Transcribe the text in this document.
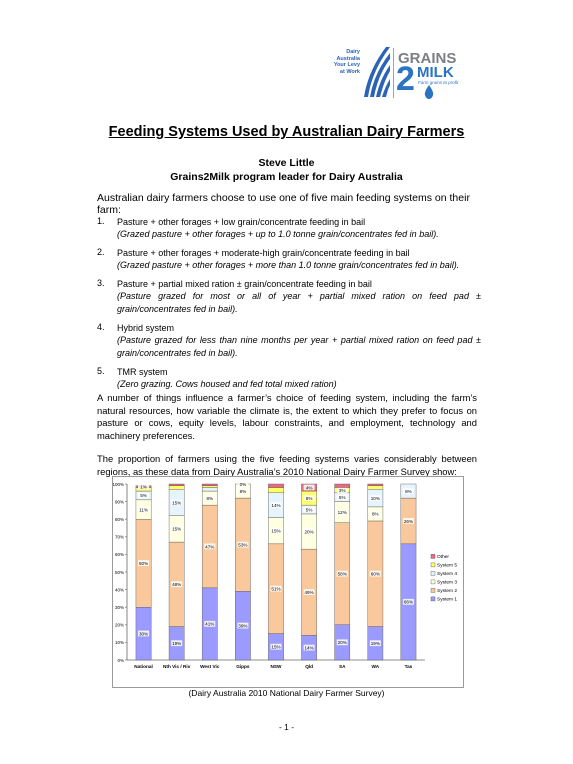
Dairy
Australia
Your Levy
at Work
GRAINS
2 MILK
Farm grains to profit
Feeding Systems Used by Australian Dairy Farmers
Steve Little
Grains2Milk program leader for Dairy Australia
Australian dairy farmers choose to use one of five main feeding systems on their farm:
1. Pasture + other forages + low grain/concentrate feeding in bail
(Grazed pasture + other forages + up to 1.0 tonne grain/concentrates fed in bail).
2. Pasture + other forages + moderate-high grain/concentrate feeding in bail
(Grazed pasture + other forages + more than 1.0 tonne grain/concentrates fed in bail).
3. Pasture + partial mixed ration ± grain/concentrate feeding in bail
(Pasture grazed for most or all of year + partial mixed ration on feed pad ± grain/concentrates fed in bail).
4. Hybrid system
(Pasture grazed for less than nine months per year + partial mixed ration on feed pad ± grain/concentrates fed in bail).
5. TMR system
(Zero grazing. Cows housed and fed total mixed ration)
A number of things influence a farmer’s choice of feeding system, including the farm’s natural resources, how variable the climate is, the extent to which they prefer to focus on pasture or cows, equity levels, labour constraints, and employment, technology and machinery preferences.
The proportion of farmers using the five feeding systems varies considerably between regions, as these data from Dairy Australia’s 2010 National Dairy Farmer Survey show:
0%
10%
20%
30%
40%
50%
60%
70%
80%
90%
100%
30%
50%
11%
5%
1%
National
19%
48%
15%
15%
Nth Vic / Riv
41%
47%
8%
West Vic
39%
53%
8%
0%
Gipps
15%
51%
15%
14%
NSW
14%
49%
20%
5%
8%
4%
Qld
20%
58%
12%
5%
3%
SA
19%
60%
8%
10%
WA
66%
26%
8%
Tas
Other
System 5
System 4
System 3
System 2
System 1
(Dairy Australia 2010 National Dairy Farmer Survey)
- 1 -
